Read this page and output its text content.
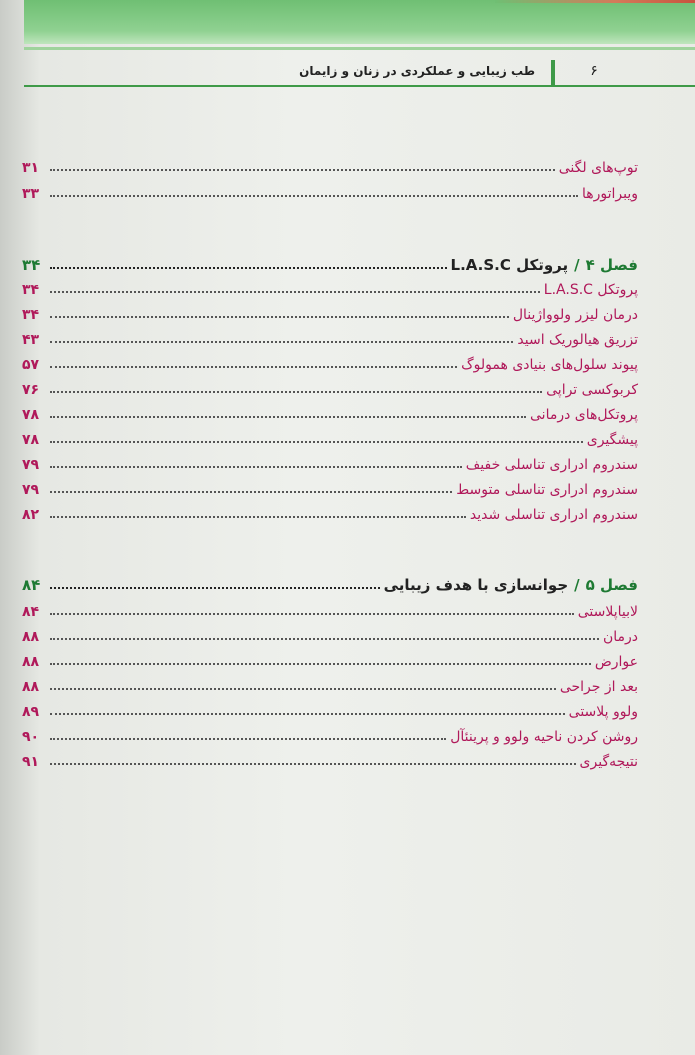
۶
طب زیبایی و عملکردی در زنان و زایمان
توپ‌های لگنی
۳۱
ویبراتورها
۳۳
فصل ۴/پروتکل L.A.S.C
۳۴
پروتکل L.A.S.C
۳۴
درمان لیزر ولوواژینال
۳۴
تزریق هیالوریک اسید
۴۳
پیوند سلول‌های بنیادی همولوگ
۵۷
کربوکسی تراپی
۷۶
پروتکل‌های درمانی
۷۸
پیشگیری
۷۸
سندروم ادراری تناسلی خفیف
۷۹
سندروم ادراری تناسلی متوسط
۷۹
سندروم ادراری تناسلی شدید
۸۲
فصل ۵/جوانسازی با هدف زیبایی
۸۴
لابیاپلاستی
۸۴
درمان
۸۸
عوارض
۸۸
بعد از جراحی
۸۸
ولوو پلاستی
۸۹
روشن کردن ناحیه ولوو و پرینئآل
۹۰
نتیجه‌گیری
۹۱
